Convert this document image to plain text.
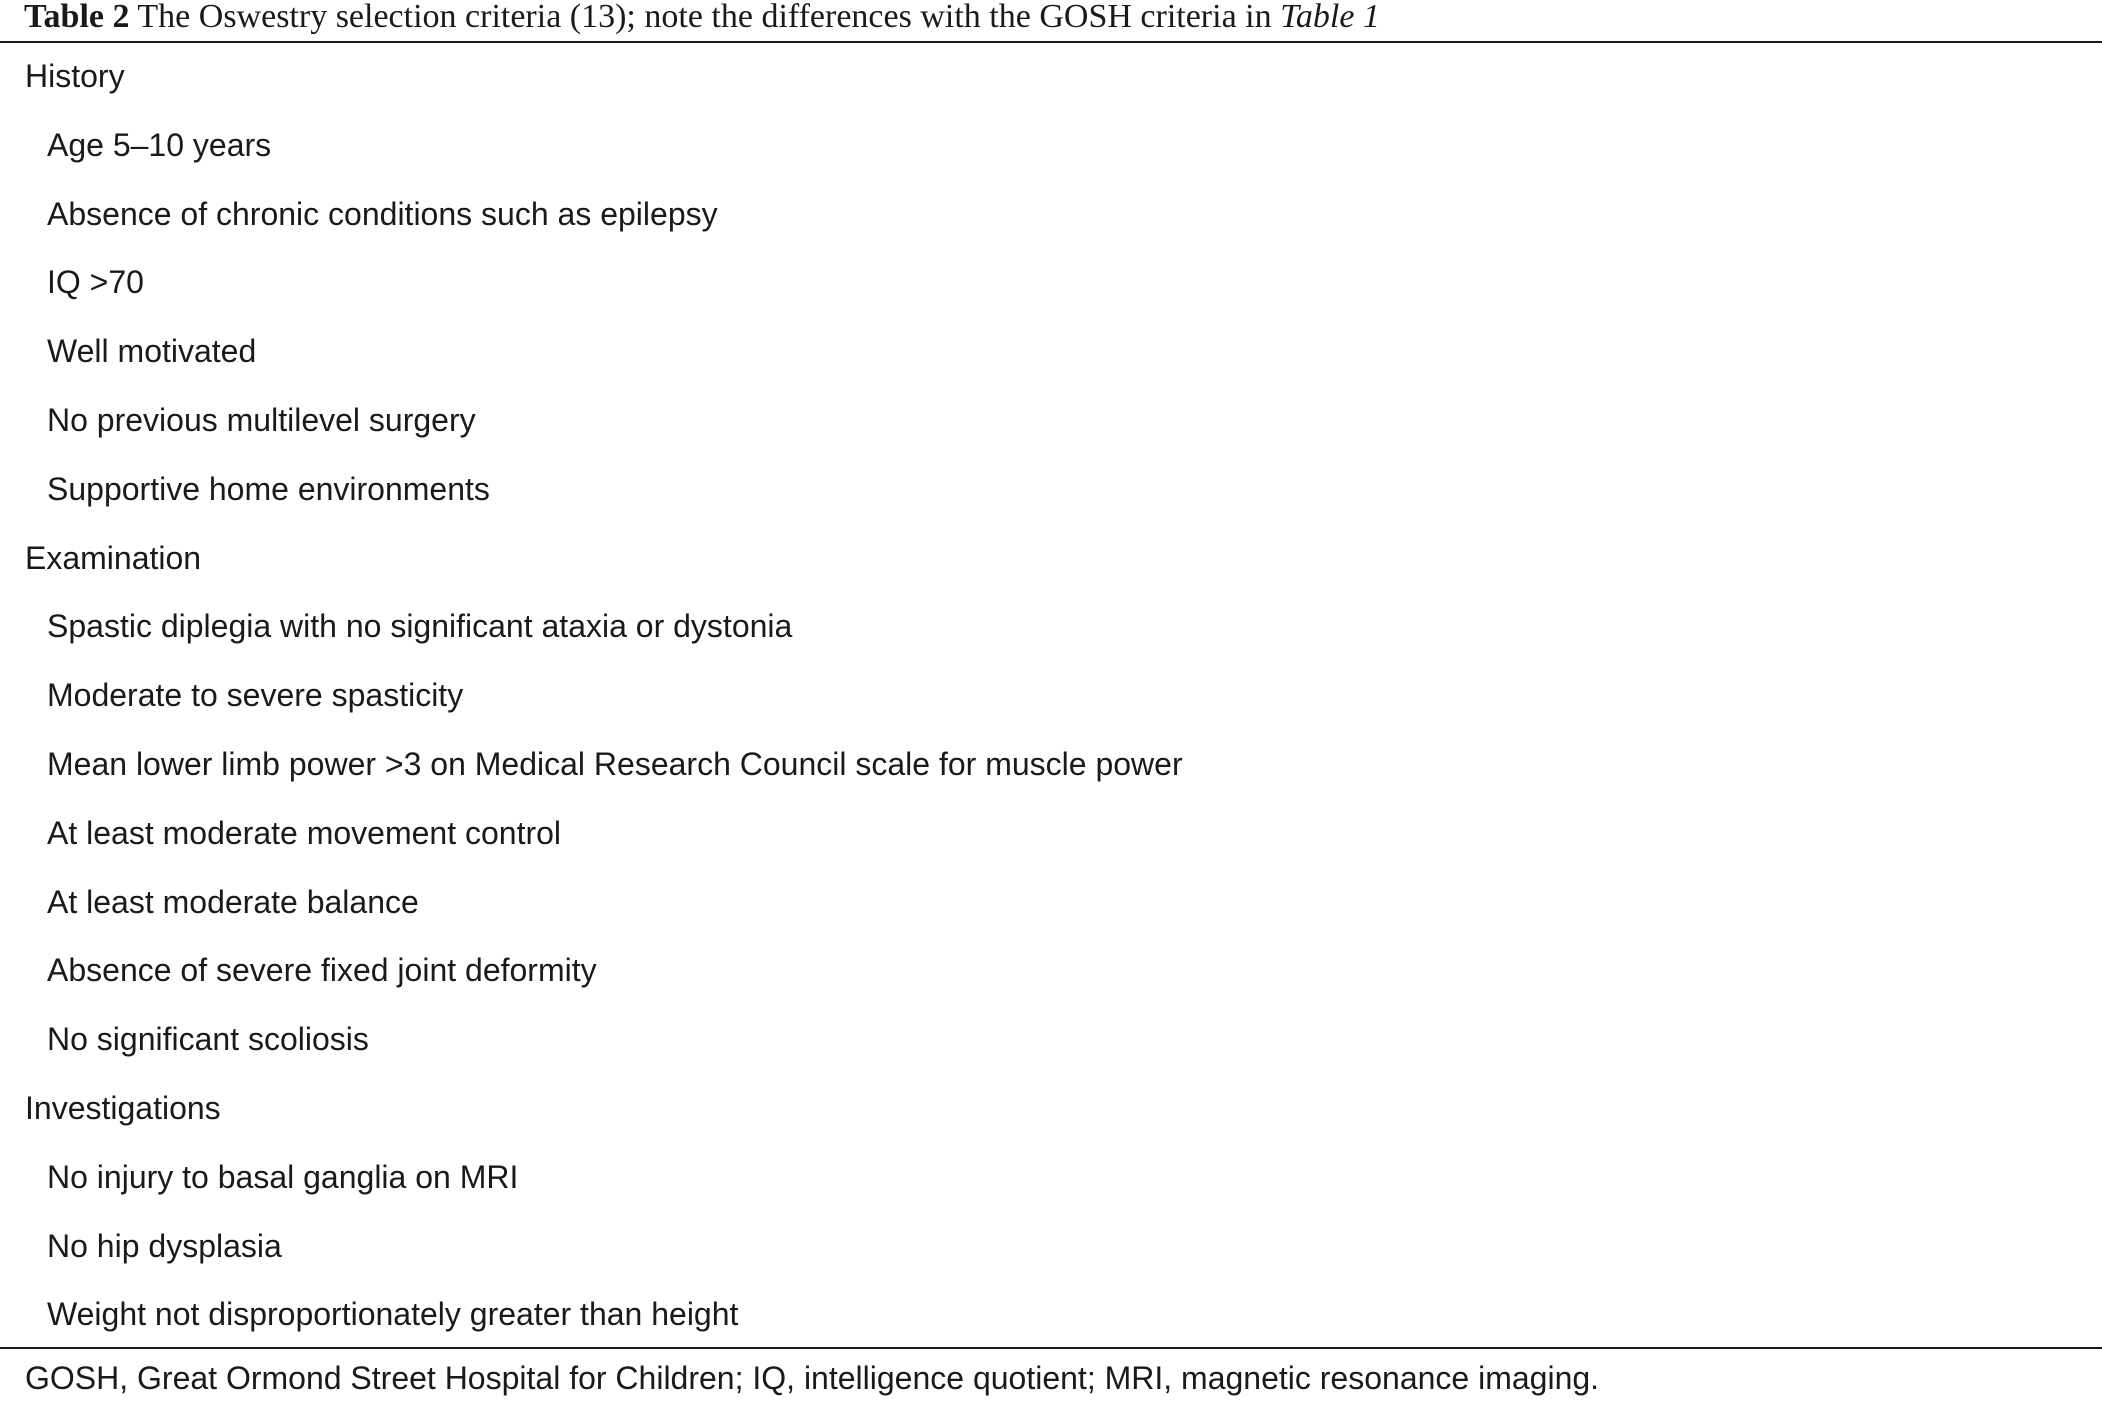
Table 2 The Oswestry selection criteria (13); note the differences with the GOSH criteria in Table 1
History
Age 5–10 years
Absence of chronic conditions such as epilepsy
IQ >70
Well motivated
No previous multilevel surgery
Supportive home environments
Examination
Spastic diplegia with no significant ataxia or dystonia
Moderate to severe spasticity
Mean lower limb power >3 on Medical Research Council scale for muscle power
At least moderate movement control
At least moderate balance
Absence of severe fixed joint deformity
No significant scoliosis
Investigations
No injury to basal ganglia on MRI
No hip dysplasia
Weight not disproportionately greater than height
GOSH, Great Ormond Street Hospital for Children; IQ, intelligence quotient; MRI, magnetic resonance imaging.
